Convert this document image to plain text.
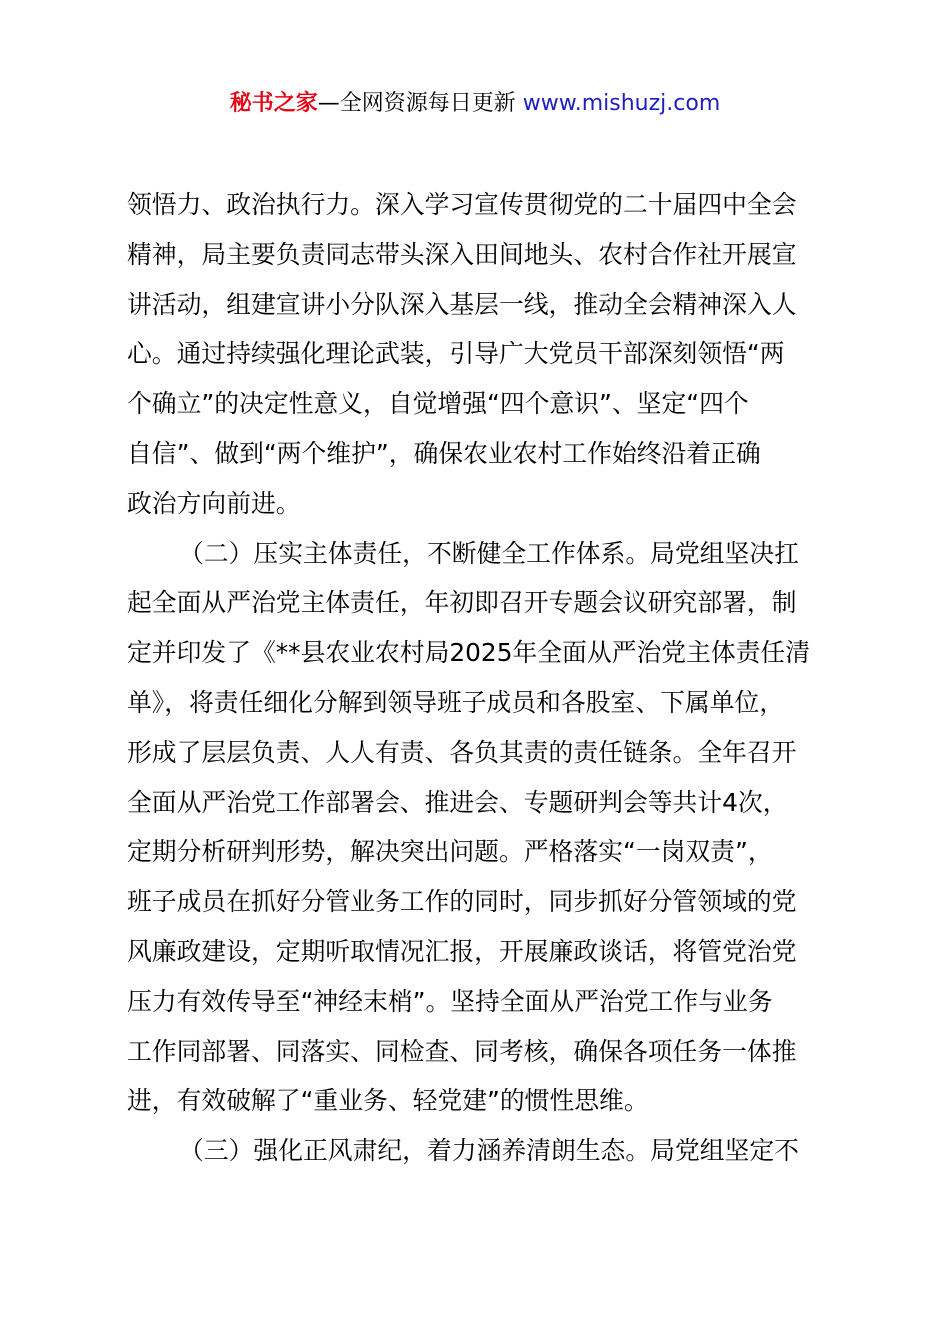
秘书之家—全网资源每日更新 www.mishuzj.com
领悟力、政治执行力。深入学习宣传贯彻党的二十届四中全会
精神，局主要负责同志带头深入田间地头、农村合作社开展宣
讲活动，组建宣讲小分队深入基层一线，推动全会精神深入人
心。通过持续强化理论武装，引导广大党员干部深刻领悟“两
个确立”的决定性意义，自觉增强“四个意识”、坚定“四个
自信”、做到“两个维护”，确保农业农村工作始终沿着正确
政治方向前进。
（二）压实主体责任，不断健全工作体系。局党组坚决扛
起全面从严治党主体责任，年初即召开专题会议研究部署，制
定并印发了《**县农业农村局2025年全面从严治党主体责任清
单》，将责任细化分解到领导班子成员和各股室、下属单位，
形成了层层负责、人人有责、各负其责的责任链条。全年召开
全面从严治党工作部署会、推进会、专题研判会等共计4次，
定期分析研判形势，解决突出问题。严格落实“一岗双责”，
班子成员在抓好分管业务工作的同时，同步抓好分管领域的党
风廉政建设，定期听取情况汇报，开展廉政谈话，将管党治党
压力有效传导至“神经末梢”。坚持全面从严治党工作与业务
工作同部署、同落实、同检查、同考核，确保各项任务一体推
进，有效破解了“重业务、轻党建”的惯性思维。
（三）强化正风肃纪，着力涵养清朗生态。局党组坚定不
